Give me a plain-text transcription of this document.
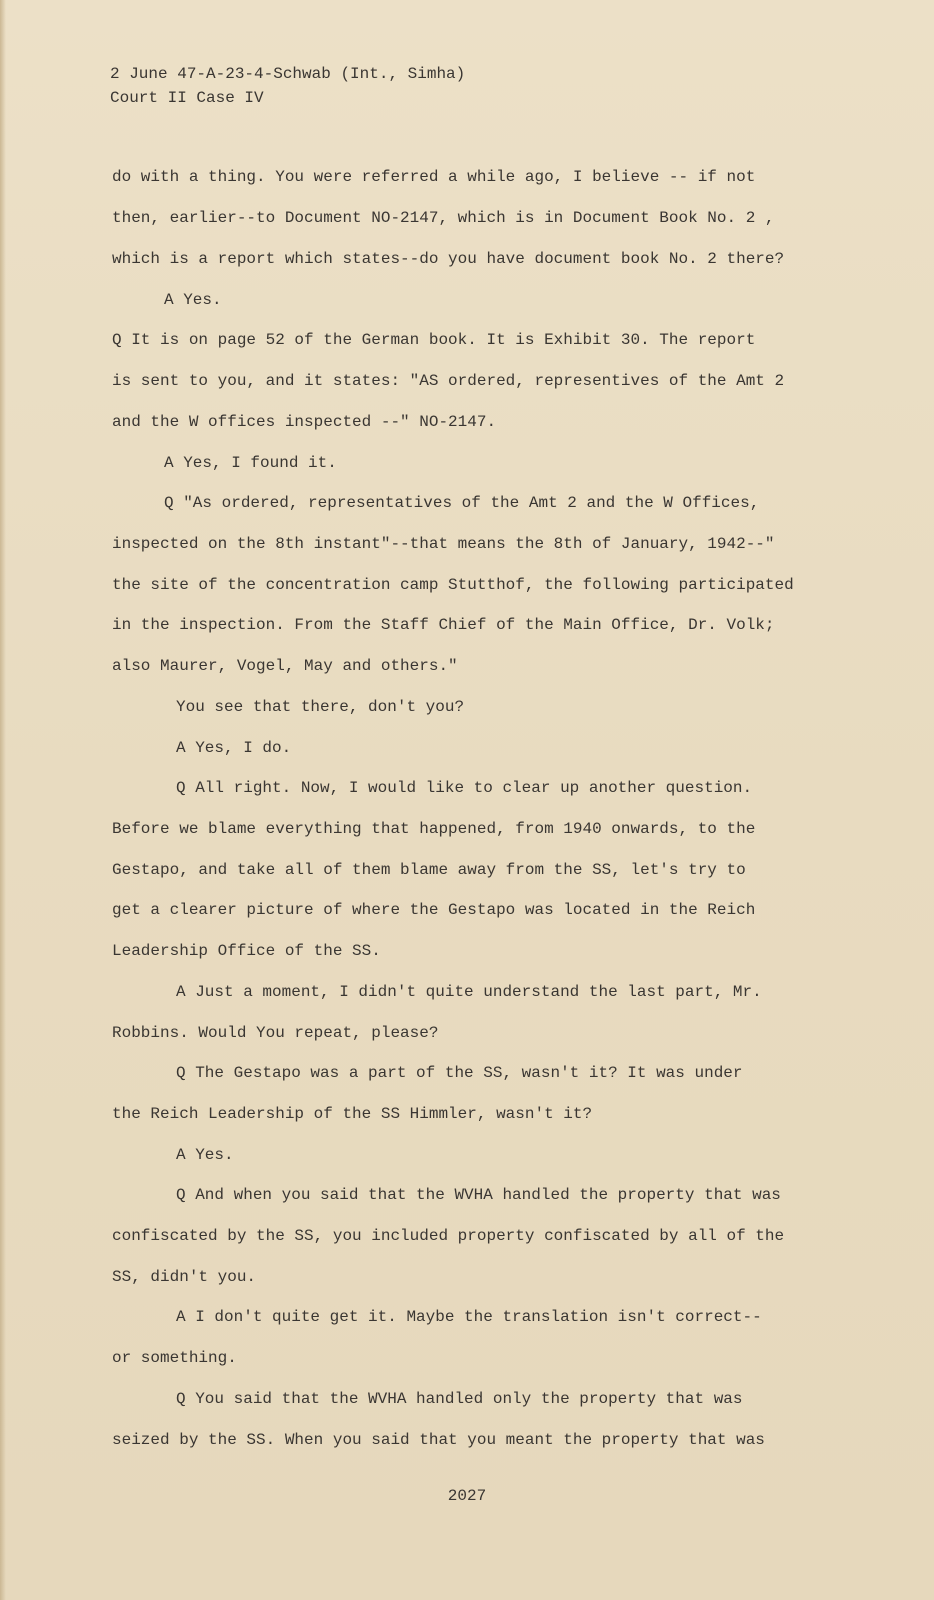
2 June 47-A-23-4-Schwab (Int., Simha)
Court II Case IV
do with a thing. You were referred a while ago, I believe -- if not
then, earlier--to Document NO-2147, which is in Document Book No. 2 ,
which is a report which states--do you have document book No. 2 there?
A Yes.
Q It is on page 52 of the German book. It is Exhibit 30. The report
is sent to you, and it states: "AS ordered, representives of the Amt 2
and the W offices inspected --" NO-2147.
A Yes, I found it.
Q "As ordered, representatives of the Amt 2 and the W Offices,
inspected on the 8th instant"--that means the 8th of January, 1942--"
the site of the concentration camp Stutthof, the following participated
in the inspection. From the Staff Chief of the Main Office, Dr. Volk;
also Maurer, Vogel, May and others."
You see that there, don't you?
A Yes, I do.
Q All right. Now, I would like to clear up another question.
Before we blame everything that happened, from 1940 onwards, to the
Gestapo, and take all of them blame away from the SS, let's try to
get a clearer picture of where the Gestapo was located in the Reich
Leadership Office of the SS.
A Just a moment, I didn't quite understand the last part, Mr.
Robbins. Would You repeat, please?
Q The Gestapo was a part of the SS, wasn't it? It was under
the Reich Leadership of the SS Himmler, wasn't it?
A Yes.
Q And when you said that the WVHA handled the property that was
confiscated by the SS, you included property confiscated by all of the
SS, didn't you.
A I don't quite get it. Maybe the translation isn't correct--
or something.
Q You said that the WVHA handled only the property that was
seized by the SS. When you said that you meant the property that was
2027
